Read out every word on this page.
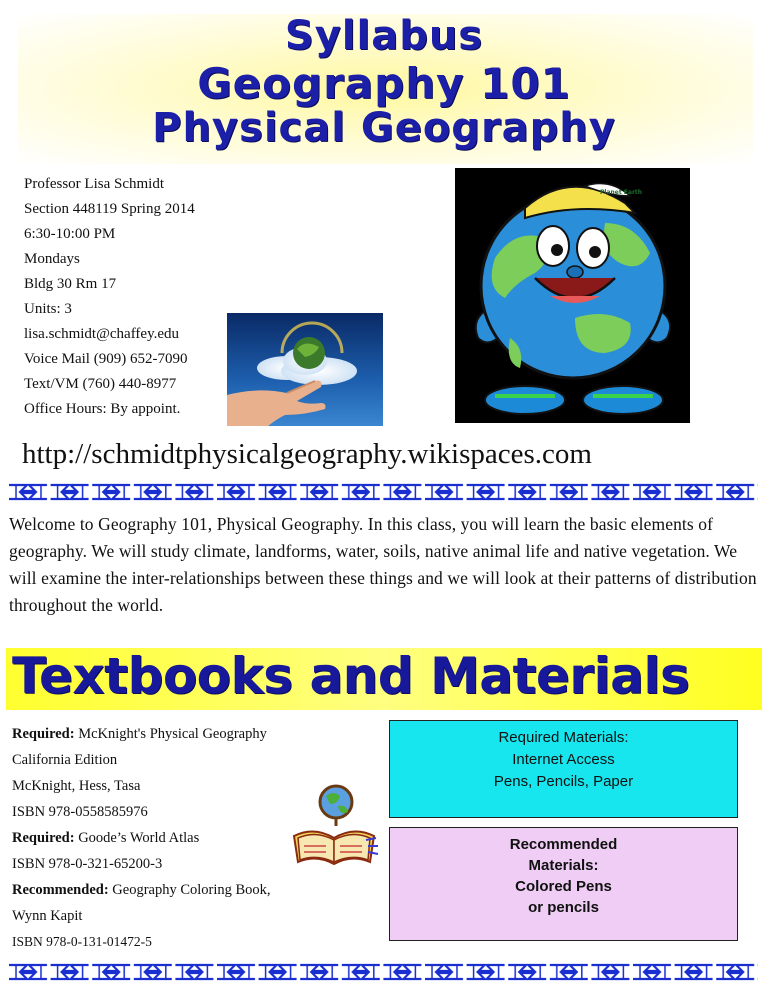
Syllabus
Geography 101
Physical Geography
Professor Lisa Schmidt
Section 448119 Spring 2014
6:30-10:00 PM
Mondays
Bldg 30 Rm 17
Units: 3
lisa.schmidt@chaffey.edu
Voice Mail (909) 652-7090
Text/VM (760) 440-8977
Office Hours: By appoint.
Planet Earth
http://schmidtphysicalgeography.wikispaces.com
Welcome to Geography 101, Physical Geography. In this class, you will learn the basic elements of geography. We will study climate, landforms, water, soils, native animal life and native vegetation. We will examine the inter-relationships between these things and we will look at their patterns of distribution throughout the world.
Textbooks and Materials
Required: McKnight's Physical Geography
California Edition
McKnight, Hess, Tasa
ISBN 978-0558585976
Required: Goode’s World Atlas
ISBN 978-0-321-65200-3
Recommended: Geography Coloring Book,
Wynn Kapit
ISBN 978-0-131-01472-5
Required Materials:
Internet Access
Pens, Pencils, Paper
Recommended
Materials:
Colored Pens
or pencils
